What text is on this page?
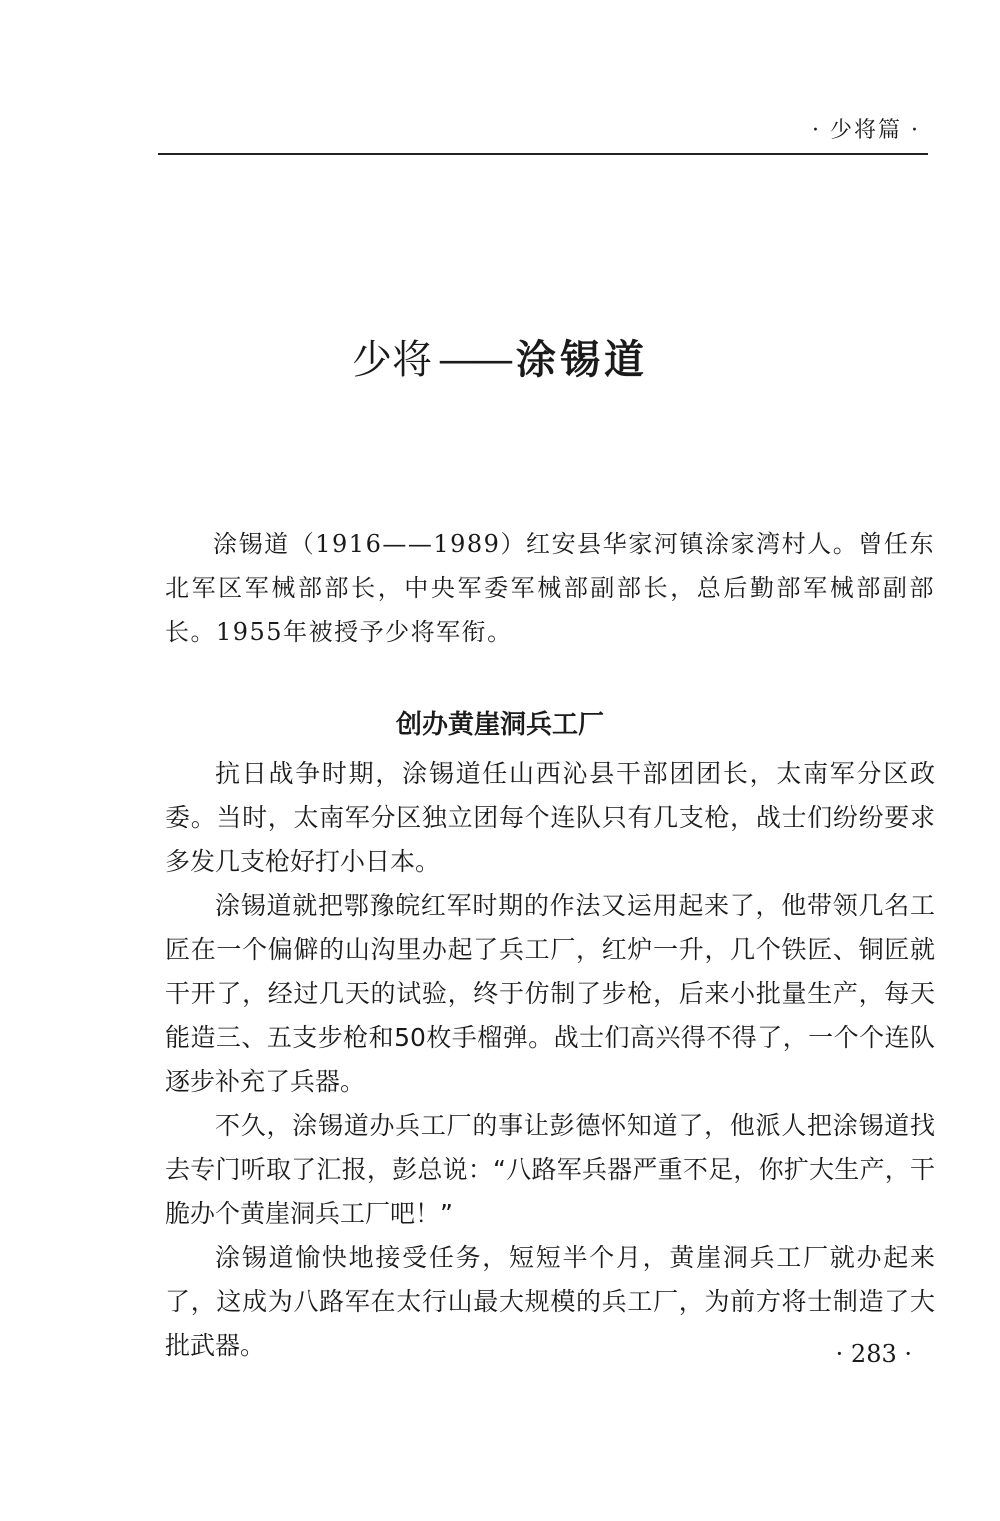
· 少将篇 ·
少将 —— 涂锡道

涂锡道（1916——1989）红安县华家河镇涂家湾村人。曾任东北军区军械部部长，中央军委军械部副部长，总后勤部军械部副部长。1955年被授予少将军衔。

创办黄崖洞兵工厂

抗日战争时期，涂锡道任山西沁县干部团团长，太南军分区政委。当时，太南军分区独立团每个连队只有几支枪，战士们纷纷要求多发几支枪好打小日本。

涂锡道就把鄂豫皖红军时期的作法又运用起来了，他带领几名工匠在一个偏僻的山沟里办起了兵工厂，红炉一升，几个铁匠、铜匠就干开了，经过几天的试验，终于仿制了步枪，后来小批量生产，每天能造三、五支步枪和50枚手榴弹。战士们高兴得不得了，一个个连队逐步补充了兵器。

不久，涂锡道办兵工厂的事让彭德怀知道了，他派人把涂锡道找去专门听取了汇报，彭总说：“八路军兵器严重不足，你扩大生产，干脆办个黄崖洞兵工厂吧！”

涂锡道愉快地接受任务，短短半个月，黄崖洞兵工厂就办起来了，这成为八路军在太行山最大规模的兵工厂，为前方将士制造了大批武器。	· 283 ·
